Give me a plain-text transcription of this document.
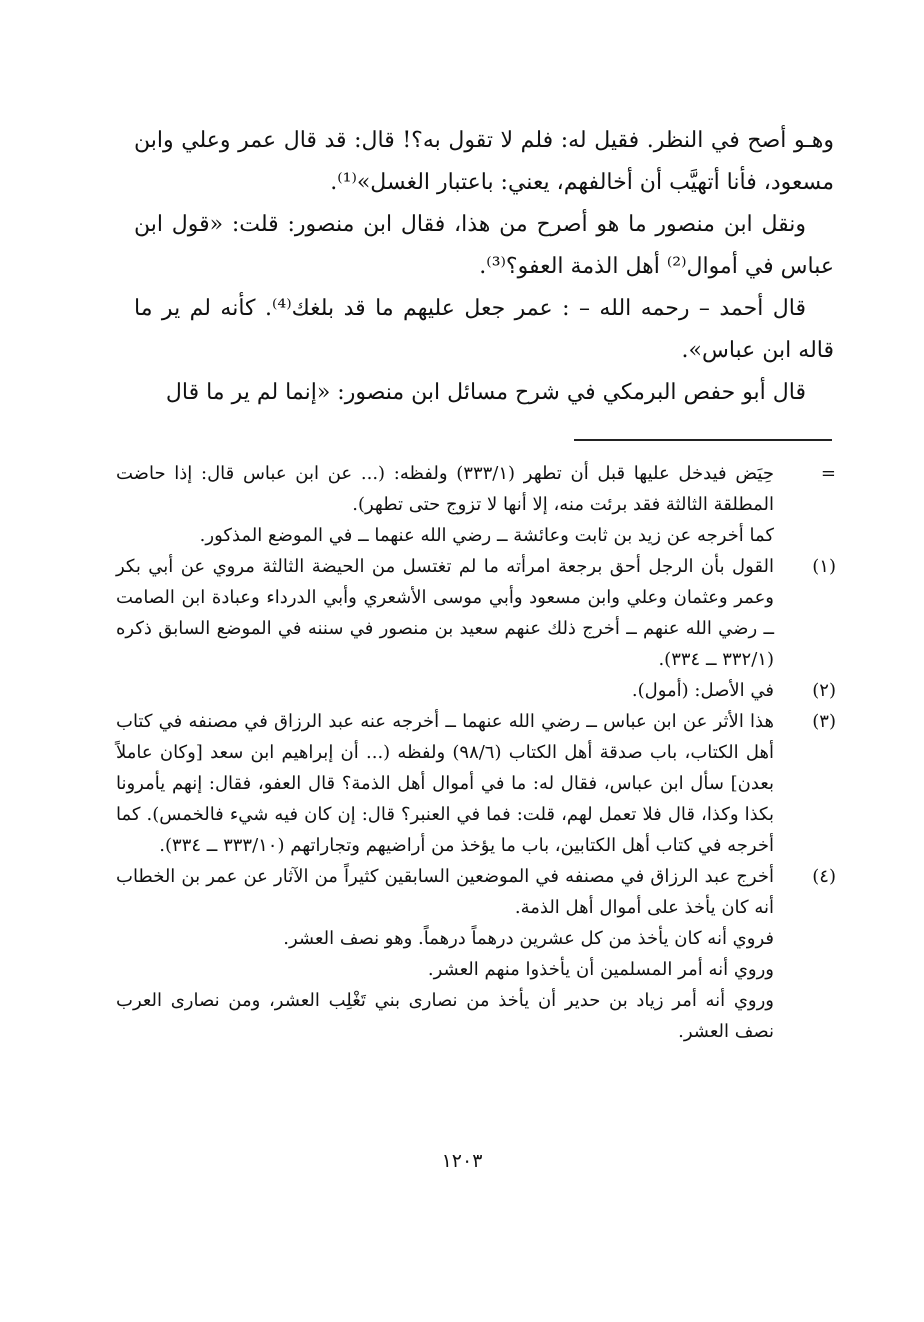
وهـو أصح في النظر. فقيل له: فلم لا تقول به؟! قال: قد قال عمر وعلي وابن مسعود، فأنا أتهيَّب أن أخالفهم، يعني: باعتبار الغسل»⁽¹⁾.

ونقل ابن منصور ما هو أصرح من هذا، فقال ابن منصور: قلت: «قول ابن عباس في أموال⁽²⁾ أهل الذمة العفو؟⁽³⁾.

قال أحمد – رحمه الله – : عمر جعل عليهم ما قد بلغك⁽⁴⁾. كأنه لم ير ما قاله ابن عباس».

قال أبو حفص البرمكي في شرح مسائل ابن منصور: «إنما لم ير ما قال

=

حِيَض فيدخل عليها قبل أن تطهر (٣٣٣/١) ولفظه: (... عن ابن عباس قال: إذا حاضت المطلقة الثالثة فقد برئت منه، إلا أنها لا تزوج حتى تطهر).

كما أخرجه عن زيد بن ثابت وعائشة ــ رضي الله عنهما ــ في الموضع المذكور.

(١)

القول بأن الرجل أحق برجعة امرأته ما لم تغتسل من الحيضة الثالثة مروي عن أبي بكر وعمر وعثمان وعلي وابن مسعود وأبي موسى الأشعري وأبي الدرداء وعبادة ابن الصامت ــ رضي الله عنهم ــ أخرج ذلك عنهم سعيد بن منصور في سننه في الموضع السابق ذكره (٣٣٢/١ ــ ٣٣٤).

(٢)

في الأصل: (أمول).

(٣)

هذا الأثر عن ابن عباس ــ رضي الله عنهما ــ أخرجه عنه عبد الرزاق في مصنفه في كتاب أهل الكتاب، باب صدقة أهل الكتاب (٩٨/٦) ولفظه (... أن إبراهيم ابن سعد [وكان عاملاً بعدن] سأل ابن عباس، فقال له: ما في أموال أهل الذمة؟ قال العفو، فقال: إنهم يأمرونا بكذا وكذا، قال فلا تعمل لهم، قلت: فما في العنبر؟ قال: إن كان فيه شيء فالخمس). كما أخرجه في كتاب أهل الكتابين، باب ما يؤخذ من أراضيهم وتجاراتهم (٣٣٣/١٠ ــ ٣٣٤).

(٤)

أخرج عبد الرزاق في مصنفه في الموضعين السابقين كثيراً من الآثار عن عمر بن الخطاب أنه كان يأخذ على أموال أهل الذمة.

فروي أنه كان يأخذ من كل عشرين درهماً درهماً. وهو نصف العشر.

وروي أنه أمر المسلمين أن يأخذوا منهم العشر.

وروي أنه أمر زياد بن حدير أن يأخذ من نصارى بني تَغْلِب العشر، ومن نصارى العرب نصف العشر.

١٢٠٣
